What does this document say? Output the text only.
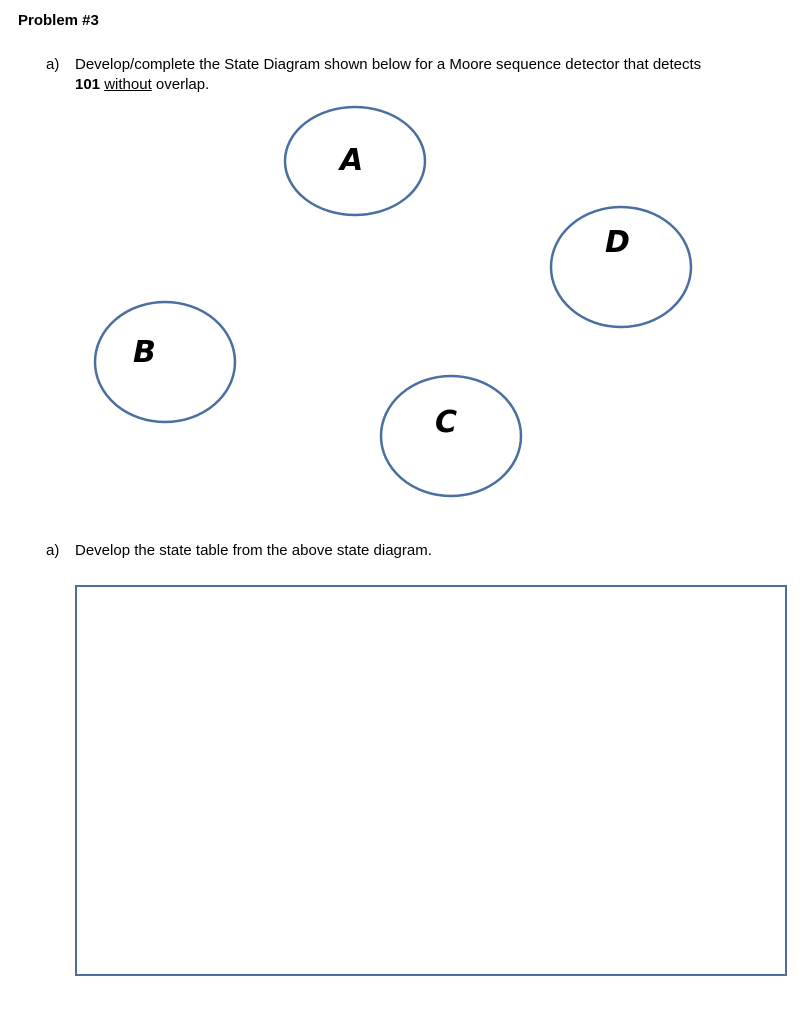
Problem #3
a) Develop/complete the State Diagram shown below for a Moore sequence detector that detects
101 without overlap.
A
D
B
C
a) Develop the state table from the above state diagram.
